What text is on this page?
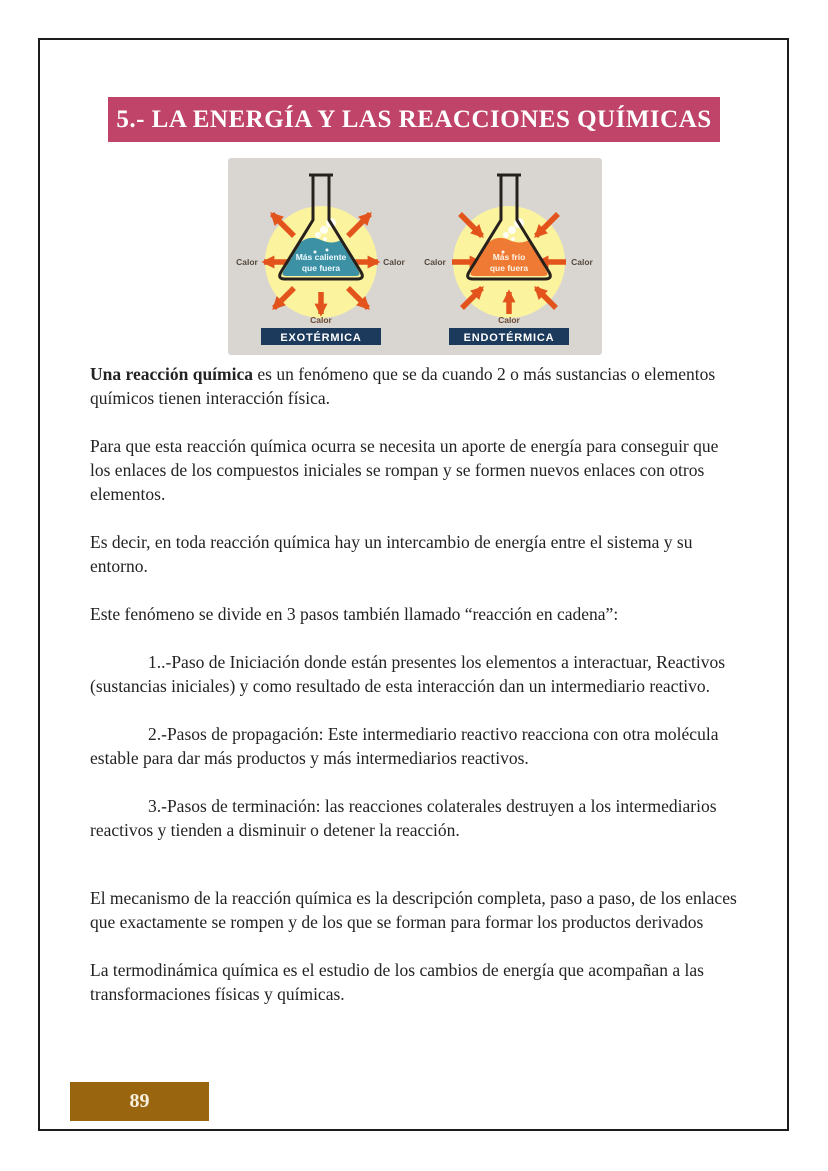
5.- LA ENERGÍA Y LAS REACCIONES QUÍMICAS
Más caliente
que fuera
Calor	Calor
Calor
EXOTÉRMICA
Más frío
que fuera
Calor	Calor
Calor
ENDOTÉRMICA

Una reacción química es un fenómeno que se da cuando 2 o más sustancias o elementos químicos tienen interacción física.

Para que esta reacción química ocurra se necesita un aporte de energía para conseguir que los enlaces de los compuestos iniciales se rompan y se formen nuevos enlaces con otros elementos.

Es decir, en toda reacción química hay un intercambio de energía entre el sistema y su entorno.

Este fenómeno se divide en 3 pasos también llamado “reacción en cadena”:

1..-Paso de Iniciación donde están presentes los elementos a interactuar, Reactivos (sustancias iniciales) y como resultado de esta interacción dan un intermediario reactivo.

2.-Pasos de propagación: Este intermediario reactivo reacciona con otra molécula estable para dar más productos y más intermediarios reactivos.

3.-Pasos de terminación: las reacciones colaterales destruyen a los intermediarios reactivos y tienden a disminuir o detener la reacción.

El mecanismo de la reacción química es la descripción completa, paso a paso, de los enlaces que exactamente se rompen y de los que se forman para formar los productos derivados

La termodinámica química es el estudio de los cambios de energía que acompañan a las transformaciones físicas y químicas.

89
